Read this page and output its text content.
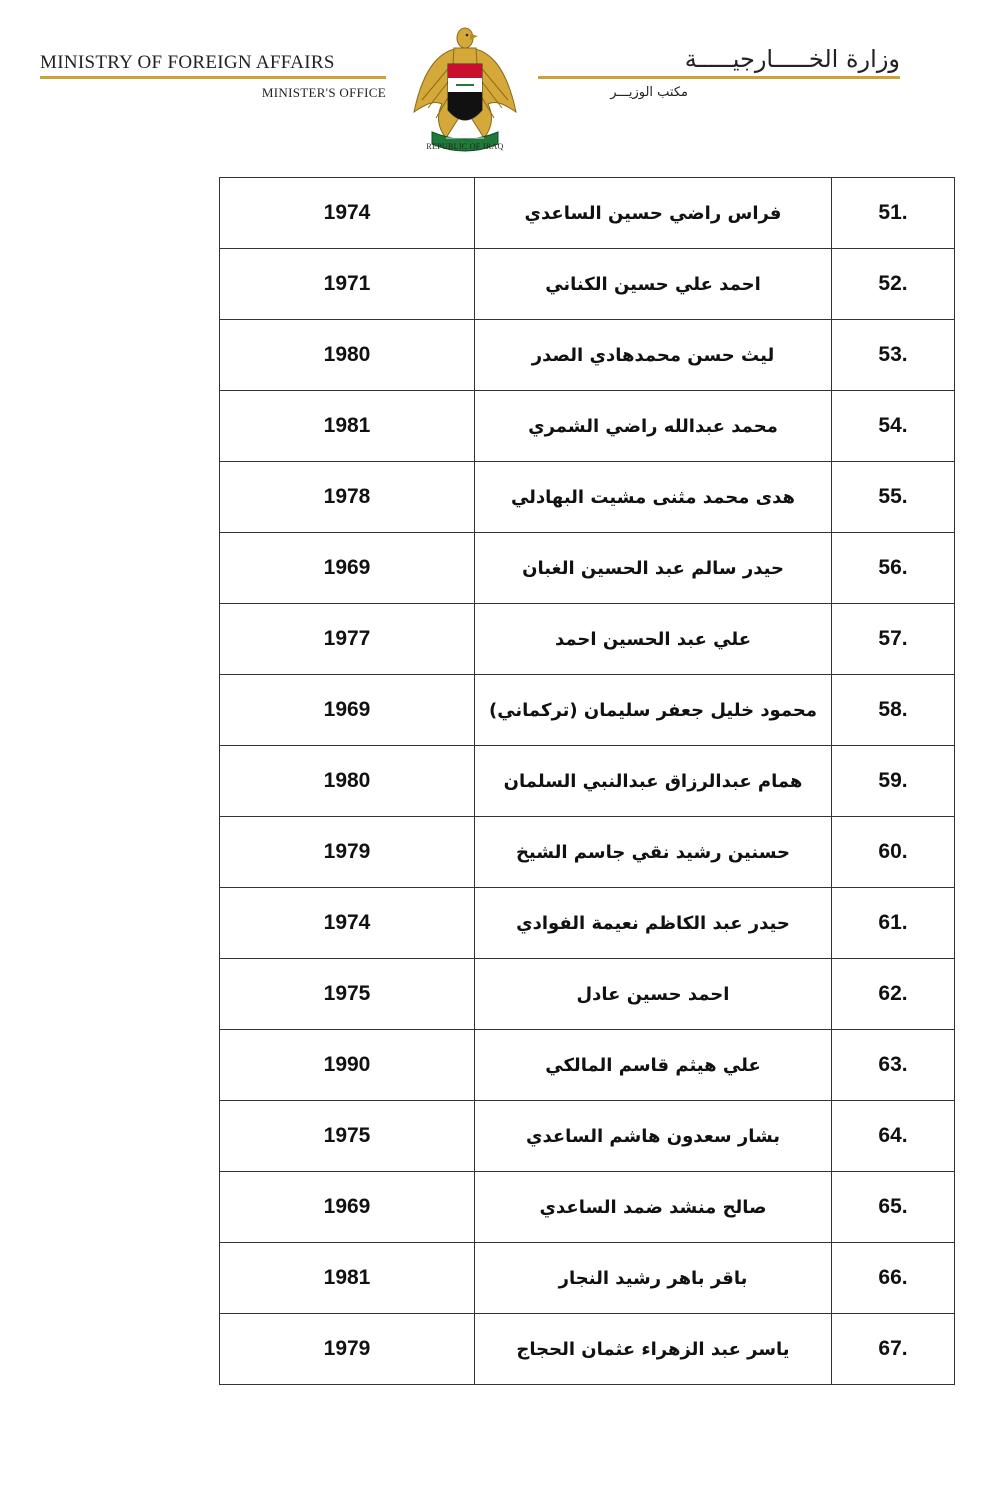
MINISTRY OF FOREIGN AFFAIRS
MINISTER'S OFFICE
REPUBLIC OF IRAQ
وزارة الخـــــارجيـــــة
مكتب الوزيـــر
1974	فراس راضي حسين الساعدي	51.
1971	احمد علي حسين الكناني	52.
1980	ليث حسن محمدهادي الصدر	53.
1981	محمد عبدالله راضي الشمري	54.
1978	هدى محمد مثنى مشيت البهادلي	55.
1969	حيدر سالم عبد الحسين الغبان	56.
1977	علي عبد الحسين احمد	57.
1969	محمود خليل جعفر سليمان (تركماني)	58.
1980	همام عبدالرزاق عبدالنبي السلمان	59.
1979	حسنين رشيد نقي جاسم الشيخ	60.
1974	حيدر عبد الكاظم نعيمة الفوادي	61.
1975	احمد حسين عادل	62.
1990	علي هيثم قاسم المالكي	63.
1975	بشار سعدون هاشم الساعدي	64.
1969	صالح منشد ضمد الساعدي	65.
1981	باقر باهر رشيد النجار	66.
1979	ياسر عبد الزهراء عثمان الحجاج	67.
